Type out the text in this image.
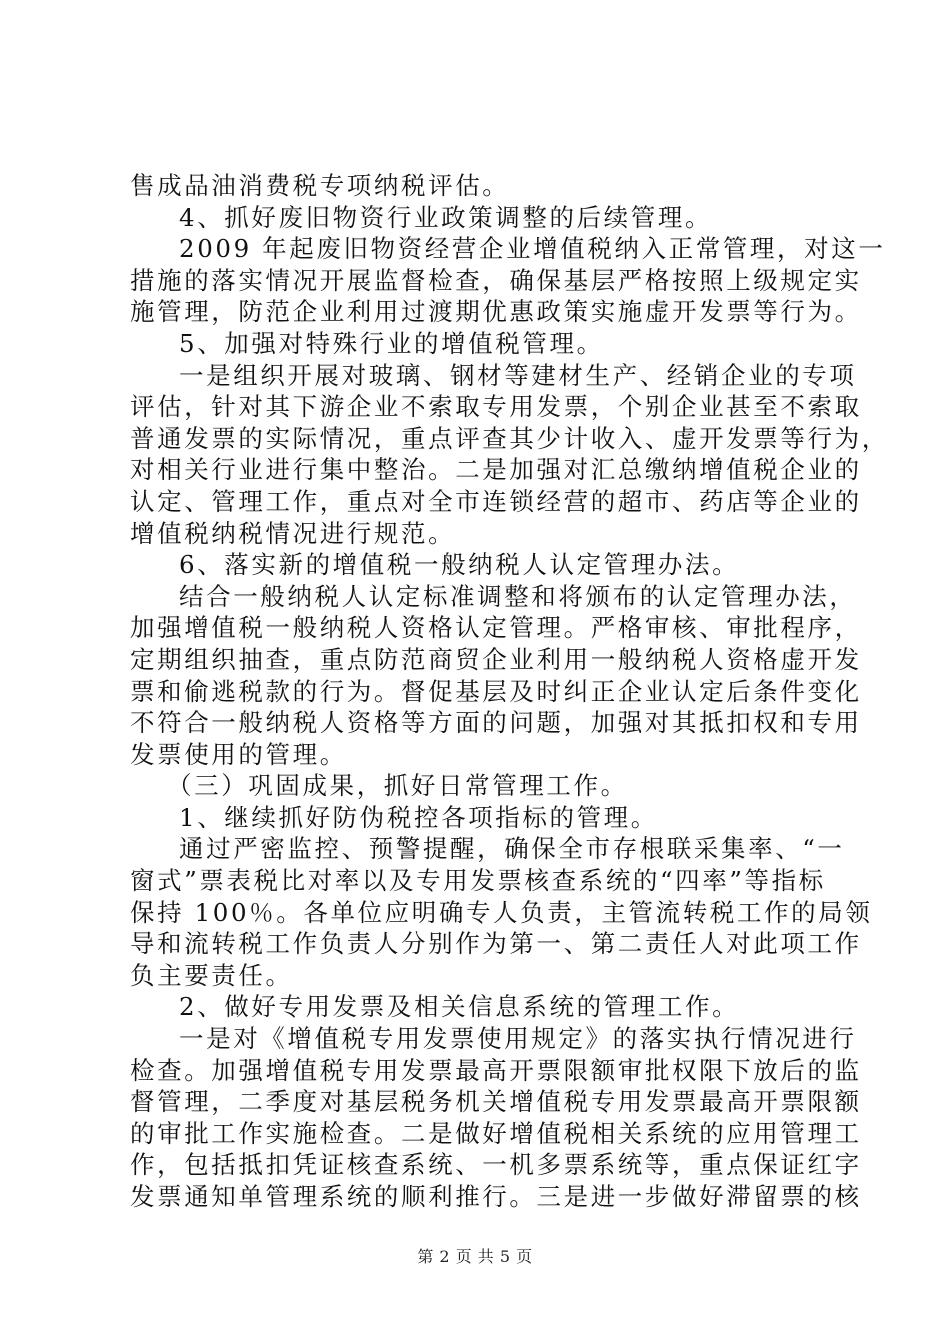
售成品油消费税专项纳税评估。
4、抓好废旧物资行业政策调整的后续管理。
2009 年起废旧物资经营企业增值税纳入正常管理，对这一
措施的落实情况开展监督检查，确保基层严格按照上级规定实
施管理，防范企业利用过渡期优惠政策实施虚开发票等行为。
5、加强对特殊行业的增值税管理。
一是组织开展对玻璃、钢材等建材生产、经销企业的专项
评估，针对其下游企业不索取专用发票，个别企业甚至不索取
普通发票的实际情况，重点评查其少计收入、虚开发票等行为，
对相关行业进行集中整治。二是加强对汇总缴纳增值税企业的
认定、管理工作，重点对全市连锁经营的超市、药店等企业的
增值税纳税情况进行规范。
6、落实新的增值税一般纳税人认定管理办法。
结合一般纳税人认定标准调整和将颁布的认定管理办法，
加强增值税一般纳税人资格认定管理。严格审核、审批程序，
定期组织抽查，重点防范商贸企业利用一般纳税人资格虚开发
票和偷逃税款的行为。督促基层及时纠正企业认定后条件变化
不符合一般纳税人资格等方面的问题，加强对其抵扣权和专用
发票使用的管理。
（三）巩固成果，抓好日常管理工作。
1、继续抓好防伪税控各项指标的管理。
通过严密监控、预警提醒，确保全市存根联采集率、“一
窗式”票表税比对率以及专用发票核查系统的“四率”等指标
保持 100％。各单位应明确专人负责，主管流转税工作的局领
导和流转税工作负责人分别作为第一、第二责任人对此项工作
负主要责任。
2、做好专用发票及相关信息系统的管理工作。
一是对《增值税专用发票使用规定》的落实执行情况进行
检查。加强增值税专用发票最高开票限额审批权限下放后的监
督管理，二季度对基层税务机关增值税专用发票最高开票限额
的审批工作实施检查。二是做好增值税相关系统的应用管理工
作，包括抵扣凭证核查系统、一机多票系统等，重点保证红字
发票通知单管理系统的顺利推行。三是进一步做好滞留票的核
第 2 页 共 5 页
